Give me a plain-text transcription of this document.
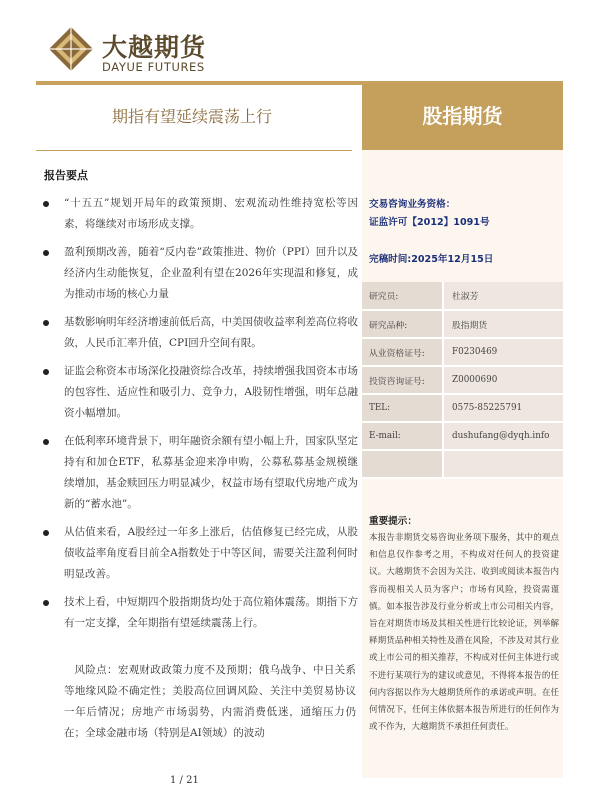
大越期货
DAYUE FUTURES
期指有望延续震荡上行	股指期货
报告要点
“十五五”规划开局年的政策预期、宏观流动性维持宽松等因素，将继续对市场形成支撑。
盈利预期改善，随着“反内卷”政策推进、物价（PPI）回升以及经济内生动能恢复，企业盈利有望在2026年实现温和修复，成为推动市场的核心力量
基数影响明年经济增速前低后高，中美国债收益率利差高位将收敛，人民币汇率升值，CPI回升空间有限。
证监会称资本市场深化投融资综合改革，持续增强我国资本市场的包容性、适应性和吸引力、竞争力，A股韧性增强，明年总融资小幅增加。
在低利率环境背景下，明年融资余额有望小幅上升，国家队坚定持有和加仓ETF，私募基金迎来净申购，公募私募基金规模继续增加，基金赎回压力明显减少，权益市场有望取代房地产成为新的“蓄水池”。
从估值来看，A股经过一年多上涨后，估值修复已经完成，从股债收益率角度看目前全A指数处于中等区间，需要关注盈利何时明显改善。
技术上看，中短期四个股指期货均处于高位箱体震荡。期指下方有一定支撑，全年期指有望延续震荡上行。
风险点：宏观财政政策力度不及预期；俄乌战争、中日关系等地缘风险不确定性；美股高位回调风险、关注中美贸易协议一年后情况；房地产市场弱势，内需消费低迷，通缩压力仍在；全球金融市场（特别是AI领域）的波动
1 / 21
交易咨询业务资格：
证监许可【2012】1091号
完稿时间:2025年12月15日
研究员:	杜淑芳
研究品种:	股指期货
从业资格证号:	F0230469
投资咨询证号:	Z0000690
TEL:	0575-85225791
E-mail:	dushufang@dyqh.info

重要提示：
本报告非期货交易咨询业务项下服务，其中的观点和信息仅作参考之用，不构成对任何人的投资建议。大越期货不会因为关注、收到或阅读本报告内容而视相关人员为客户；市场有风险，投资需谨慎。如本报告涉及行业分析或上市公司相关内容，旨在对期货市场及其相关性进行比较论证，列举解释期货品种相关特性及潜在风险，不涉及对其行业或上市公司的相关推荐，不构成对任何主体进行或不进行某项行为的建议或意见，不得将本报告的任何内容据以作为大越期货所作的承诺或声明。在任何情况下，任何主体依据本报告所进行的任何作为或不作为，大越期货不承担任何责任。
